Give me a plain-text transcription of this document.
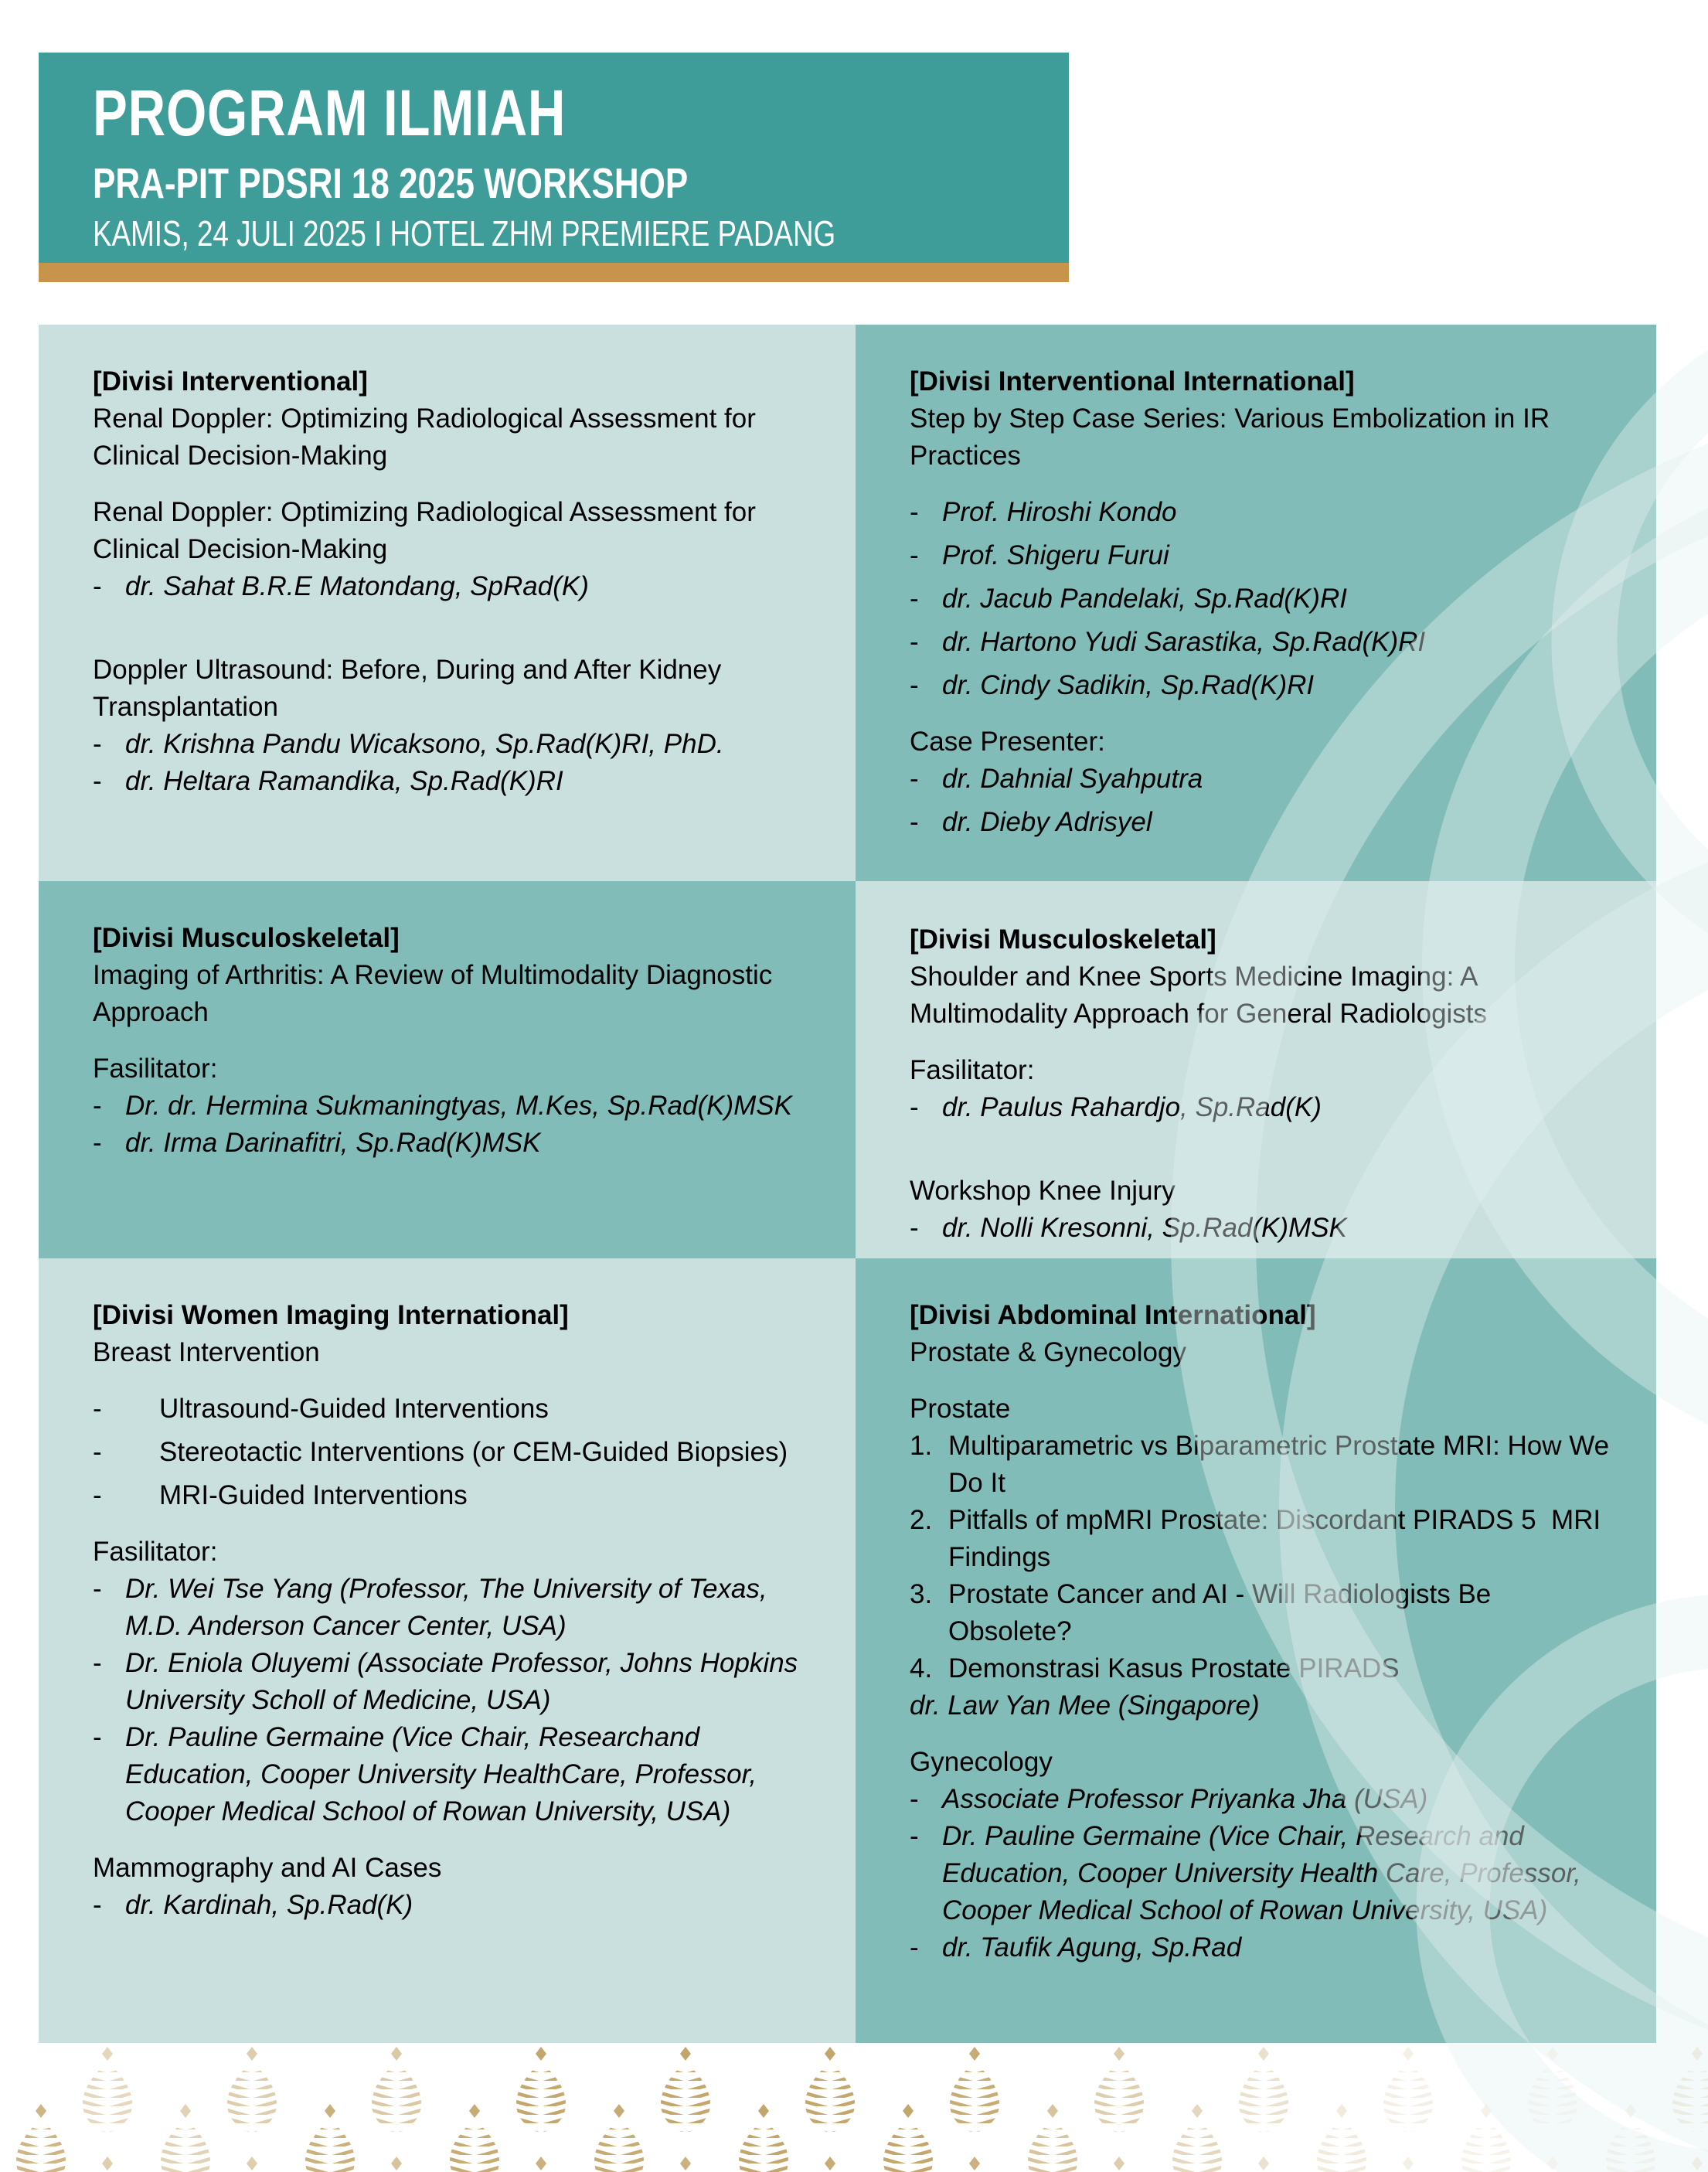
PROGRAM ILMIAH
PRA-PIT PDSRI 18 2025 WORKSHOP
KAMIS, 24 JULI 2025 I HOTEL ZHM PREMIERE PADANG
[Divisi Interventional]
Renal Doppler: Optimizing Radiological Assessment for Clinical Decision-Making
Renal Doppler: Optimizing Radiological Assessment for Clinical Decision-Making
- dr. Sahat B.R.E Matondang, SpRad(K)
Doppler Ultrasound: Before, During and After Kidney Transplantation
- dr. Krishna Pandu Wicaksono, Sp.Rad(K)RI, PhD.
- dr. Heltara Ramandika, Sp.Rad(K)RI
[Divisi Interventional International]
Step by Step Case Series: Various Embolization in IR Practices
- Prof. Hiroshi Kondo
- Prof. Shigeru Furui
- dr. Jacub Pandelaki, Sp.Rad(K)RI
- dr. Hartono Yudi Sarastika, Sp.Rad(K)RI
- dr. Cindy Sadikin, Sp.Rad(K)RI
Case Presenter:
- dr. Dahnial Syahputra
- dr. Dieby Adrisyel
[Divisi Musculoskeletal]
Imaging of Arthritis: A Review of Multimodality Diagnostic Approach
Fasilitator:
- Dr. dr. Hermina Sukmaningtyas, M.Kes, Sp.Rad(K)MSK
- dr. Irma Darinafitri, Sp.Rad(K)MSK
[Divisi Musculoskeletal]
Shoulder and Knee Sports Medicine Imaging: A Multimodality Approach for General Radiologists
Fasilitator:
- dr. Paulus Rahardjo, Sp.Rad(K)
Workshop Knee Injury
- dr. Nolli Kresonni, Sp.Rad(K)MSK
[Divisi Women Imaging International]
Breast Intervention
-	Ultrasound-Guided Interventions
-	Stereotactic Interventions (or CEM-Guided Biopsies)
-	MRI-Guided Interventions
Fasilitator:
- Dr. Wei Tse Yang (Professor, The University of Texas, M.D. Anderson Cancer Center, USA)
- Dr. Eniola Oluyemi (Associate Professor, Johns Hopkins University Scholl of Medicine, USA)
- Dr. Pauline Germaine (Vice Chair, Researchand Education, Cooper University HealthCare, Professor, Cooper Medical School of Rowan University, USA)
Mammography and AI Cases
- dr. Kardinah, Sp.Rad(K)
[Divisi Abdominal International]
Prostate & Gynecology
Prostate
1. Multiparametric vs Biparametric Prostate MRI: How We Do It
2. Pitfalls of mpMRI Prostate: Discordant PIRADS 5  MRI Findings
3. Prostate Cancer and AI - Will Radiologists Be Obsolete?
4. Demonstrasi Kasus Prostate PIRADS
dr. Law Yan Mee (Singapore)
Gynecology
- Associate Professor Priyanka Jha (USA)
- Dr. Pauline Germaine (Vice Chair, Research and Education, Cooper University Health Care, Professor, Cooper Medical School of Rowan University, USA)
- dr. Taufik Agung, Sp.Rad
